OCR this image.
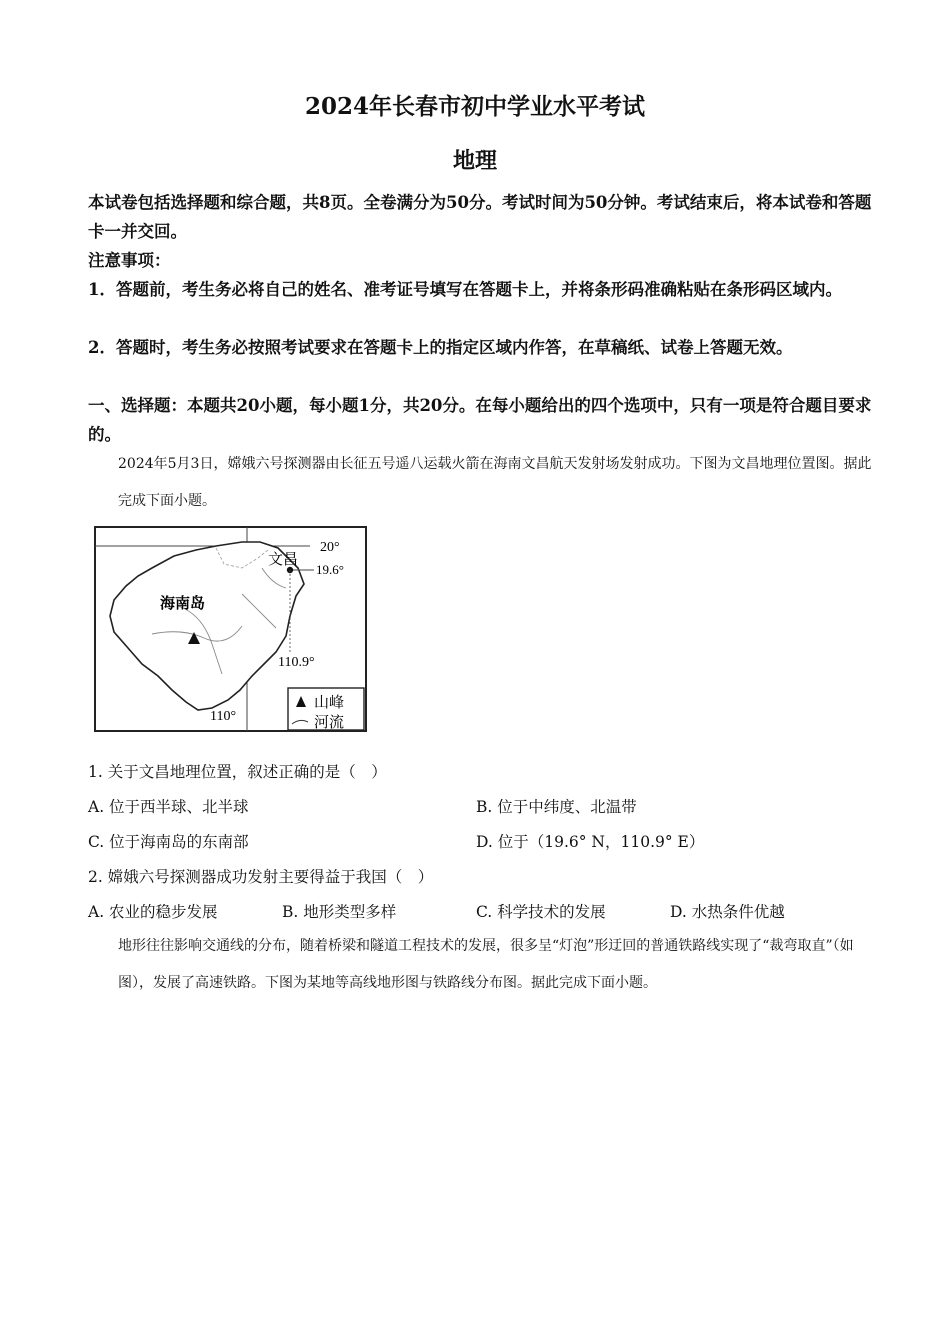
2024年长春市初中学业水平考试
地理
本试卷包括选择题和综合题，共8页。全卷满分为50分。考试时间为50分钟。考试结束后，将本试卷和答题卡一并交回。
注意事项：
1．答题前，考生务必将自己的姓名、准考证号填写在答题卡上，并将条形码准确粘贴在条形码区域内。
2．答题时，考生务必按照考试要求在答题卡上的指定区域内作答，在草稿纸、试卷上答题无效。
一、选择题：本题共20小题，每小题1分，共20分。在每小题给出的四个选项中，只有一项是符合题目要求的。
2024年5月3日，嫦娥六号探测器由长征五号遥八运载火箭在海南文昌航天发射场发射成功。下图为文昌地理位置图。据此完成下面小题。
文昌
海南岛
20°
19.6°
110.9°
110°
山峰
河流
1. 关于文昌地理位置，叙述正确的是（　）
A. 位于西半球、北半球	B. 位于中纬度、北温带
C. 位于海南岛的东南部	D. 位于（19.6° N，110.9° E）
2. 嫦娥六号探测器成功发射主要得益于我国（　）
A. 农业的稳步发展	B. 地形类型多样	C. 科学技术的发展	D. 水热条件优越
地形往往影响交通线的分布，随着桥梁和隧道工程技术的发展，很多呈“灯泡”形迂回的普通铁路线实现了“裁弯取直”（如图），发展了高速铁路。下图为某地等高线地形图与铁路线分布图。据此完成下面小题。
